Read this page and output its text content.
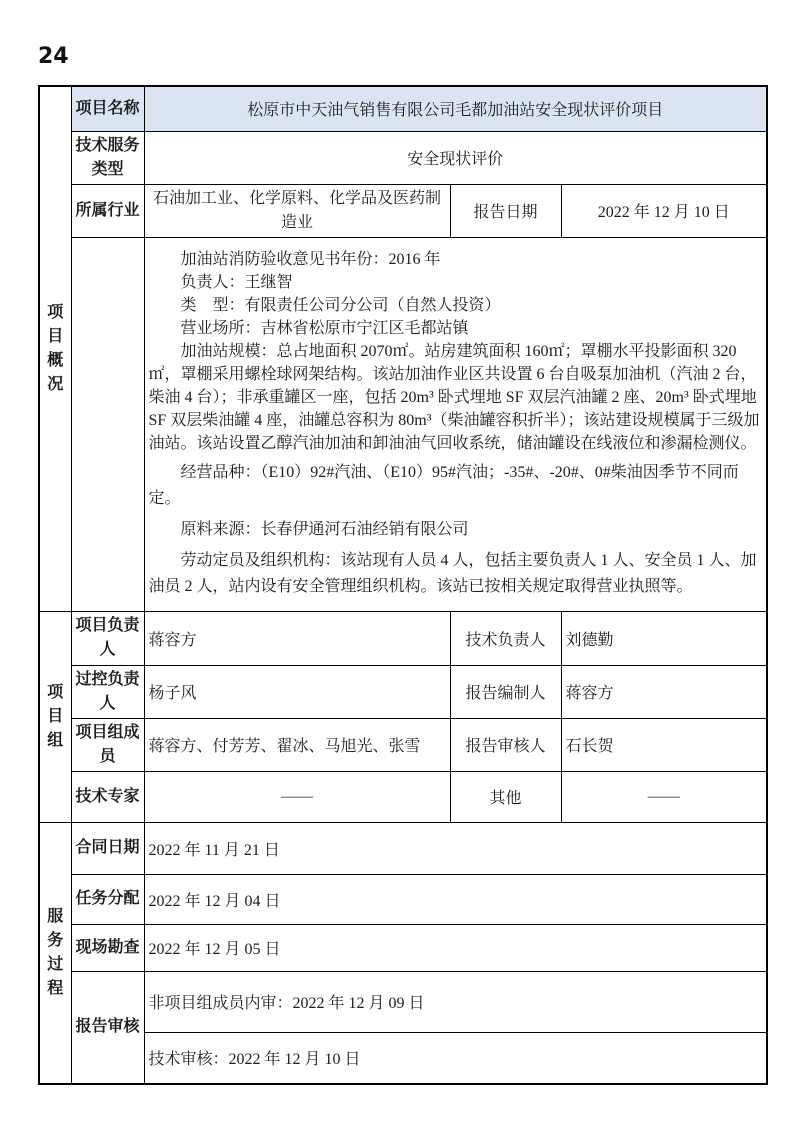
24
项目概况	项目名称	松原市中天油气销售有限公司毛都加油站安全现状评价项目		
	技术服务类型	安全现状评价		
	所属行业	石油加工业、化学原料、化学品及医药制造业	报告日期	2022 年 12 月 10 日

加油站消防验收意见书年份：2016 年

负责人：王继智

类　型：有限责任公司分公司（自然人投资）

营业场所：吉林省松原市宁江区毛都站镇

加油站规模：总占地面积 2070㎡。站房建筑面积 160㎡；罩棚水平投影面积 320 ㎡，罩棚采用螺栓球网架结构。该站加油作业区共设置 6 台自吸泵加油机（汽油 2 台，柴油 4 台）；非承重罐区一座，包括 20m³ 卧式埋地 SF 双层汽油罐 2 座、20m³ 卧式埋地 SF 双层柴油罐 4 座，油罐总容积为 80m³（柴油罐容积折半）；该站建设规模属于三级加油站。该站设置乙醇汽油加油和卸油油气回收系统，储油罐设在线液位和渗漏检测仪。

经营品种：（E10）92#汽油、（E10）95#汽油；-35#、-20#、0#柴油因季节不同而定。

原料来源：长春伊通河石油经销有限公司

劳动定员及组织机构：该站现有人员 4 人，包括主要负责人 1 人、安全员 1 人、加油员 2 人，站内设有安全管理组织机构。该站已按相关规定取得营业执照等。

项目组	项目负责人	蒋容方	技术负责人	刘德勤
	过控负责人	杨子风	报告编制人	蒋容方
	项目组成员	蒋容方、付芳芳、翟冰、马旭光、张雪	报告审核人	石长贺
	技术专家	——	其他	——

服务过程	合同日期	2022 年 11 月 21 日		
	任务分配	2022 年 12 月 04 日		
	现场勘查	2022 年 12 月 05 日		
	报告审核	非项目组成员内审：2022 年 12 月 09 日		
		技术审核：2022 年 12 月 10 日		
